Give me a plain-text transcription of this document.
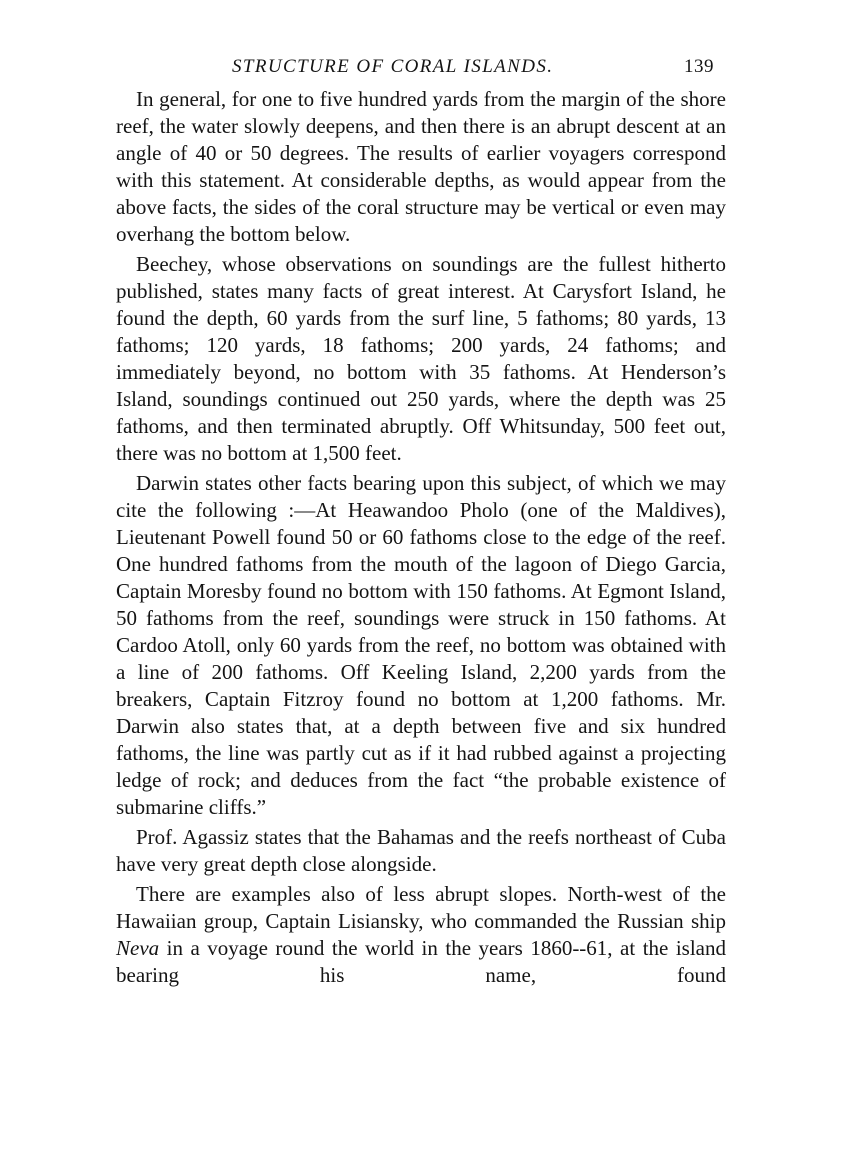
STRUCTURE OF CORAL ISLANDS.	139

In general, for one to five hundred yards from the margin of the shore reef, the water slowly deepens, and then there is an abrupt descent at an angle of 40 or 50 degrees. The results of earlier voyagers correspond with this statement. At considerable depths, as would appear from the above facts, the sides of the coral structure may be vertical or even may overhang the bottom below.

Beechey, whose observations on soundings are the fullest hitherto published, states many facts of great interest. At Carysfort Island, he found the depth, 60 yards from the surf line, 5 fathoms; 80 yards, 13 fathoms; 120 yards, 18 fathoms; 200 yards, 24 fathoms; and immediately beyond, no bottom with 35 fathoms. At Henderson’s Island, soundings continued out 250 yards, where the depth was 25 fathoms, and then terminated abruptly. Off Whitsunday, 500 feet out, there was no bottom at 1,500 feet.

Darwin states other facts bearing upon this subject, of which we may cite the following :—At Heawandoo Pholo (one of the Maldives), Lieutenant Powell found 50 or 60 fathoms close to the edge of the reef. One hundred fathoms from the mouth of the lagoon of Diego Garcia, Captain Moresby found no bottom with 150 fathoms. At Egmont Island, 50 fathoms from the reef, soundings were struck in 150 fathoms. At Cardoo Atoll, only 60 yards from the reef, no bottom was obtained with a line of 200 fathoms. Off Keeling Island, 2,200 yards from the breakers, Captain Fitzroy found no bottom at 1,200 fathoms. Mr. Darwin also states that, at a depth between five and six hundred fathoms, the line was partly cut as if it had rubbed against a projecting ledge of rock; and deduces from the fact “the probable existence of submarine cliffs.”

Prof. Agassiz states that the Bahamas and the reefs northeast of Cuba have very great depth close alongside.

There are examples also of less abrupt slopes. North-west of the Hawaiian group, Captain Lisiansky, who commanded the Russian ship Neva in a voyage round the world in the years 1860--61, at the island bearing his name, found
